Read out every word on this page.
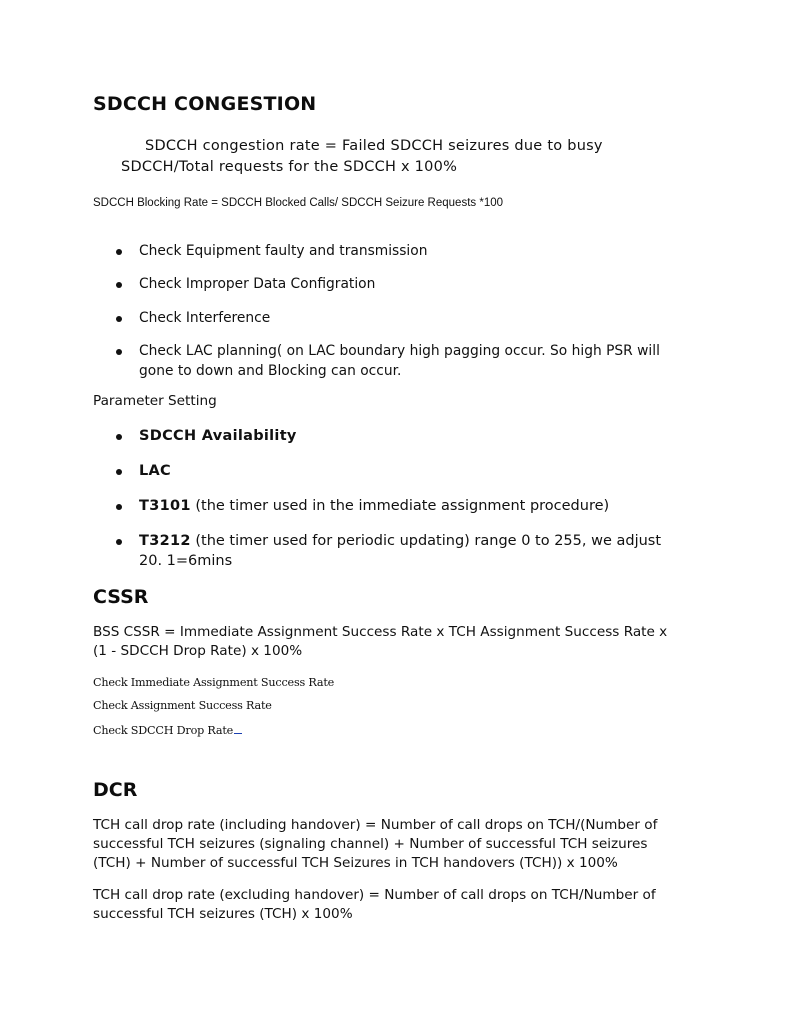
SDCCH CONGESTION

SDCCH congestion rate = Failed SDCCH seizures due to busy

SDCCH/Total requests for the SDCCH x 100%

SDCCH Blocking Rate = SDCCH Blocked Calls/ SDCCH Seizure Requests *100

Check Equipment faulty and transmission
Check Improper Data Configration
Check Interference
Check LAC planning( on LAC boundary high pagging occur. So high PSR will
gone to down and Blocking can occur.

Parameter Setting

SDCCH Availability
LAC
T3101 (the timer used in the immediate assignment procedure)
T3212 (the timer used for periodic updating) range 0 to 255, we adjust
20. 1=6mins
CSSR

BSS CSSR = Immediate Assignment Success Rate x TCH Assignment Success Rate x

(1 - SDCCH Drop Rate) x 100%

Check Immediate Assignment Success Rate

Check Assignment Success Rate

Check SDCCH Drop Rate

DCR

TCH call drop rate (including handover) = Number of call drops on TCH/(Number of

successful TCH seizures (signaling channel) + Number of successful TCH seizures

(TCH) + Number of successful TCH Seizures in TCH handovers (TCH)) x 100%

TCH call drop rate (excluding handover) = Number of call drops on TCH/Number of

successful TCH seizures (TCH) x 100%
